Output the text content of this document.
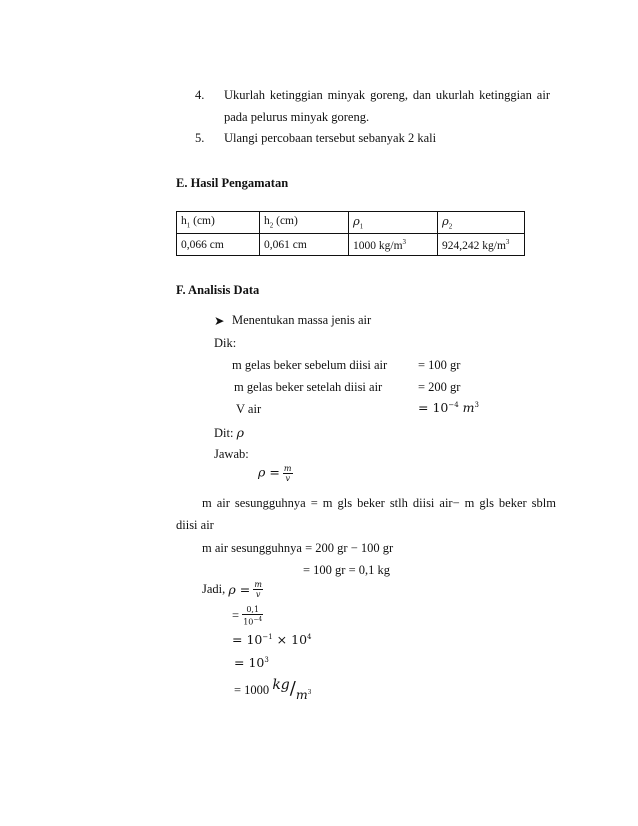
4. Ukurlah ketinggian minyak goreng, dan ukurlah ketinggian air
pada pelurus minyak goreng.
5. Ulangi percobaan tersebut sebanyak 2 kali
E. Hasil Pengamatan
$h_1$ (cm)	$h_2$ (cm)	$\rho_1$	$\rho_2$
0,066 cm	0,061 cm	1000 $kg/m^3$	924,242 $kg/m^3$
F. Analisis Data
➤ Menentukan massa jenis air
Dik:
m gelas beker sebelum diisi air = 100 gr
m gelas beker setelah diisi air	= 200 gr
V air	= $10^{-4}$ $m^3$
Dit: ρ
Jawab:
$\rho = \frac{m}{v}$
m air sesungguhnya = m gls beker stlh diisi air− m gls beker sblm
diisi air
m air sesungguhnya = 200 gr − 100 gr
= 100 gr = 0,1 kg
Jadi, $\rho = \frac{m}{v}$
= $\frac{0,1}{10^{-4}}$
= $10^{-1} \times 10^4$
= $10^3$
= 1000 $kg/m^3$
